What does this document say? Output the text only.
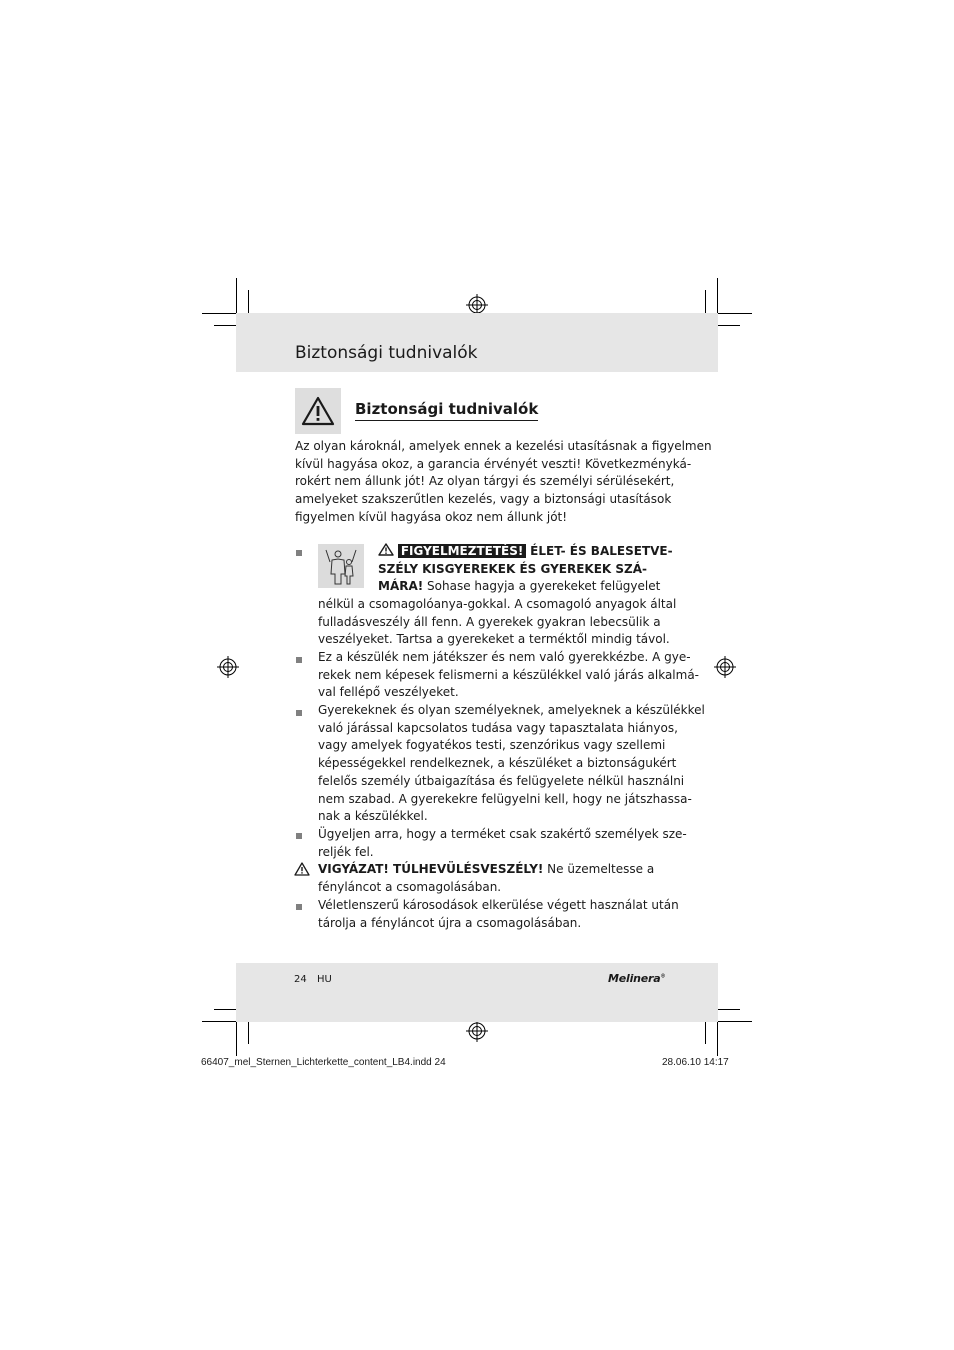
Biztonsági tudnivalók
Biztonsági tudnivalók
Az olyan károknál, amelyek ennek a kezelési utasításnak a figyelmen
kívül hagyása okoz, a garancia érvényét veszti! Következményká-
rokért nem állunk jót! Az olyan tárgyi és személyi sérülésekért,
amelyeket szakszerűtlen kezelés, vagy a biztonsági utasítások
figyelmen kívül hagyása okoz nem állunk jót!
FIGYELMEZTETÉS! ÉLET- ÉS BALESETVE-
SZÉLY KISGYEREKEK ÉS GYEREKEK SZÁ-
MÁRA! Sohase hagyja a gyerekeket felügyelet
nélkül a csomagolóanya-gokkal. A csomagoló anyagok által
fulladásveszély áll fenn. A gyerekek gyakran lebecsülik a
veszélyeket. Tartsa a gyerekeket a terméktől mindig távol.
Ez a készülék nem játékszer és nem való gyerekkézbe. A gye-
rekek nem képesek felismerni a készülékkel való járás alkalmá-
val fellépő veszélyeket.
Gyerekeknek és olyan személyeknek, amelyeknek a készülékkel
való járással kapcsolatos tudása vagy tapasztalata hiányos,
vagy amelyek fogyatékos testi, szenzórikus vagy szellemi
képességekkel rendelkeznek, a készüléket a biztonságukért
felelős személy útbaigazítása és felügyelete nélkül használni
nem szabad. A gyerekekre felügyelni kell, hogy ne játszhassa-
nak a készülékkel.
Ügyeljen arra, hogy a terméket csak szakértő személyek sze-
reljék fel.
VIGYÁZAT! TÚLHEVÜLÉSVESZÉLY! Ne üzemeltesse a
fényláncot a csomagolásában.
Véletlenszerű károsodások elkerülése végett használat után
tárolja a fényláncot újra a csomagolásában.
24 HU	Melinera®
66407_mel_Sternen_Lichterkette_content_LB4.indd 24	28.06.10 14:17
